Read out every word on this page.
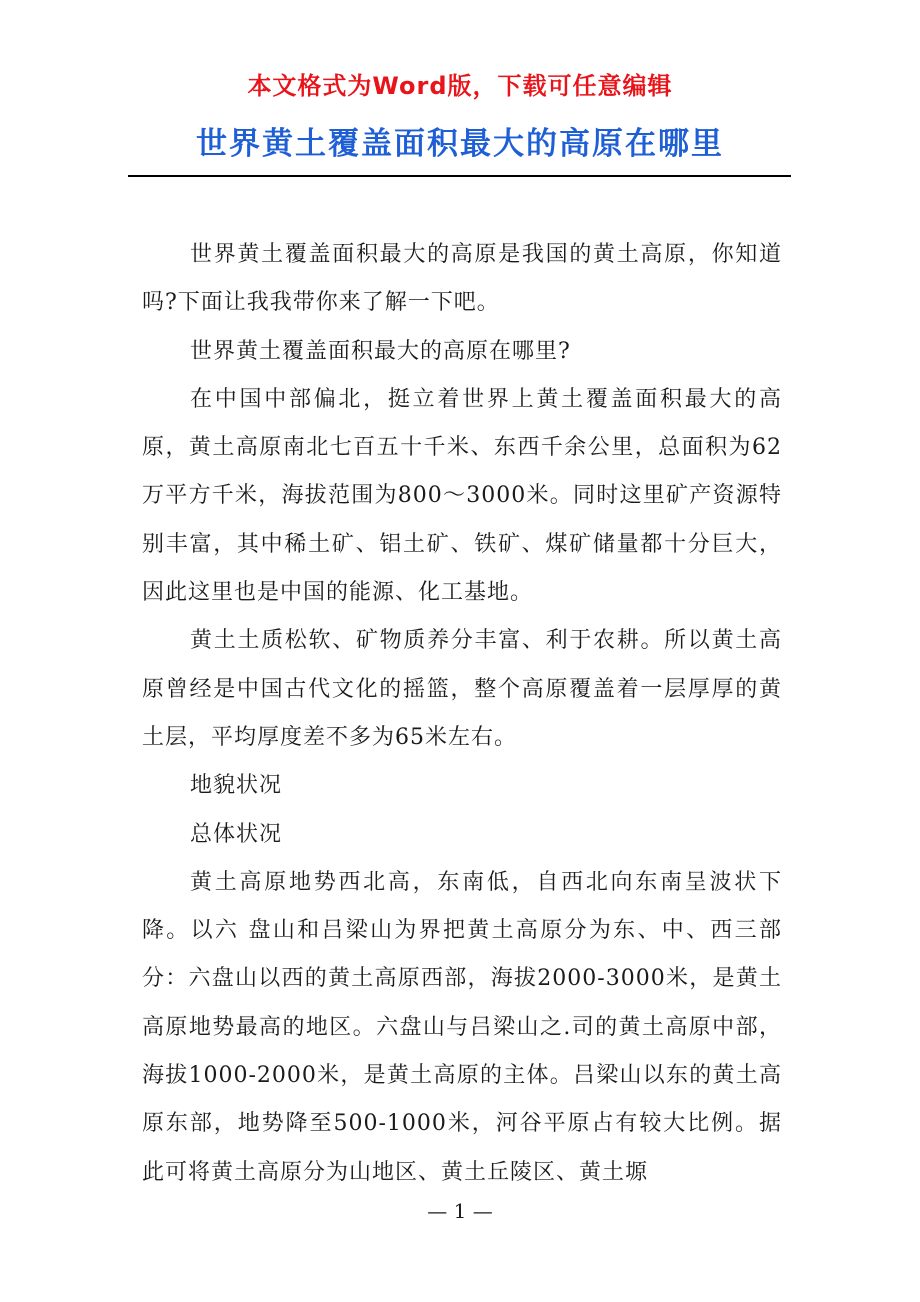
本文格式为Word版，下载可任意编辑
世界黄土覆盖面积最大的高原在哪里

世界黄土覆盖面积最大的高原是我国的黄土高原，你知道吗?下面让我我带你来了解一下吧。

世界黄土覆盖面积最大的高原在哪里?

在中国中部偏北，挺立着世界上黄土覆盖面积最大的高原，黄土高原南北七百五十千米、东西千余公里，总面积为62万平方千米，海拔范围为800～3000米。同时这里矿产资源特别丰富，其中稀土矿、铝土矿、铁矿、煤矿储量都十分巨大，因此这里也是中国的能源、化工基地。

黄土土质松软、矿物质养分丰富、利于农耕。所以黄土高原曾经是中国古代文化的摇篮，整个高原覆盖着一层厚厚的黄土层，平均厚度差不多为65米左右。

地貌状况

总体状况

黄土高原地势西北高，东南低，自西北向东南呈波状下降。以六 盘山和吕梁山为界把黄土高原分为东、中、西三部分：六盘山以西的黄土高原西部，海拔2000-3000米，是黄土高原地势最高的地区。六盘山与吕梁山之.司的黄土高原中部，海拔1000-2000米，是黄土高原的主体。吕梁山以东的黄土高原东部，地势降至500-1000米，河谷平原占有较大比例。据此可将黄土高原分为山地区、黄土丘陵区、黄土塬

— 1 —
